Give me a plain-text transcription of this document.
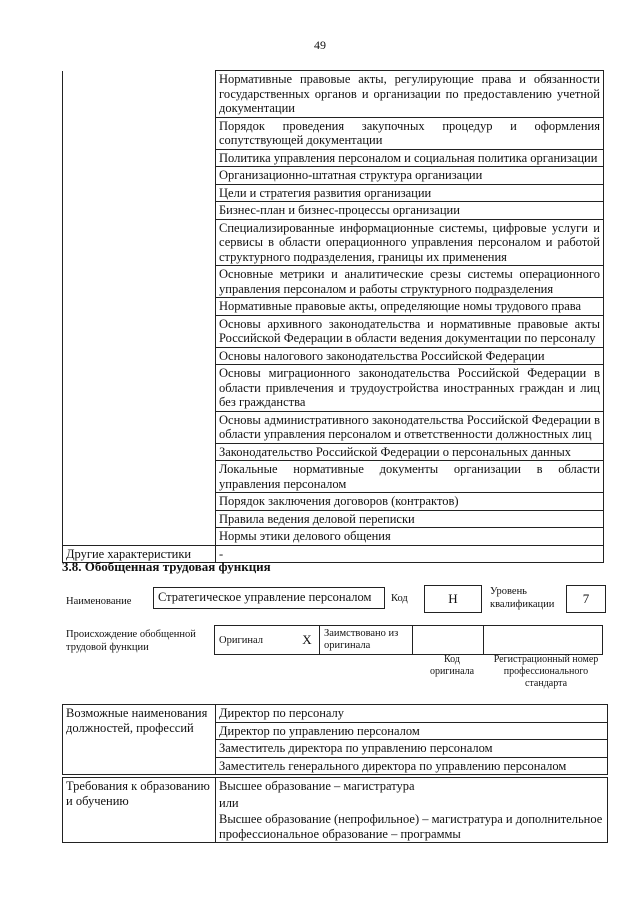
49
	Нормативные правовые акты, регулирующие права и обязанности государственных органов и организации по предоставлению учетной документации
	Порядок проведения закупочных процедур и оформления сопутствующей документации
	Политика управления персоналом и социальная политика организации
	Организационно-штатная структура организации
	Цели и стратегия развития организации
	Бизнес-план и бизнес-процессы организации
	Специализированные информационные системы, цифровые услуги и сервисы в области операционного управления персоналом и работой структурного подразделения, границы их применения
	Основные метрики и аналитические срезы системы операционного управления персоналом и работы структурного подразделения
	Нормативные правовые акты, определяющие номы трудового права
	Основы архивного законодательства и нормативные правовые акты Российской Федерации в области ведения документации по персоналу
	Основы налогового законодательства Российской Федерации
	Основы миграционного законодательства Российской Федерации в области привлечения и трудоустройства иностранных граждан и лиц без гражданства
	Основы административного законодательства Российской Федерации в области управления персоналом и ответственности должностных лиц
	Законодательство Российской Федерации о персональных данных
	Локальные нормативные документы организации в области управления персоналом
	Порядок заключения договоров (контрактов)
	Правила ведения деловой переписки
	Нормы этики делового общения
Другие характеристики	-
3.8. Обобщенная трудовая функция
Наименование	Стратегическое управление персоналом	Код	H	Уровень квалификации	7
Происхождение обобщенной трудовой функции
Оригинал	X	Заимствовано из оригинала		
Код оригинала
Регистрационный номер профессионального стандарта
Возможные наименования должностей, профессий	Директор по персоналу
Директор по управлению персоналом
Заместитель директора по управлению персоналом
Заместитель генерального директора по управлению персоналом
Требования к образованию и обучению	Высшее образование – магистратура
или
Высшее образование (непрофильное) – магистратура и дополнительное профессиональное образование – программы
